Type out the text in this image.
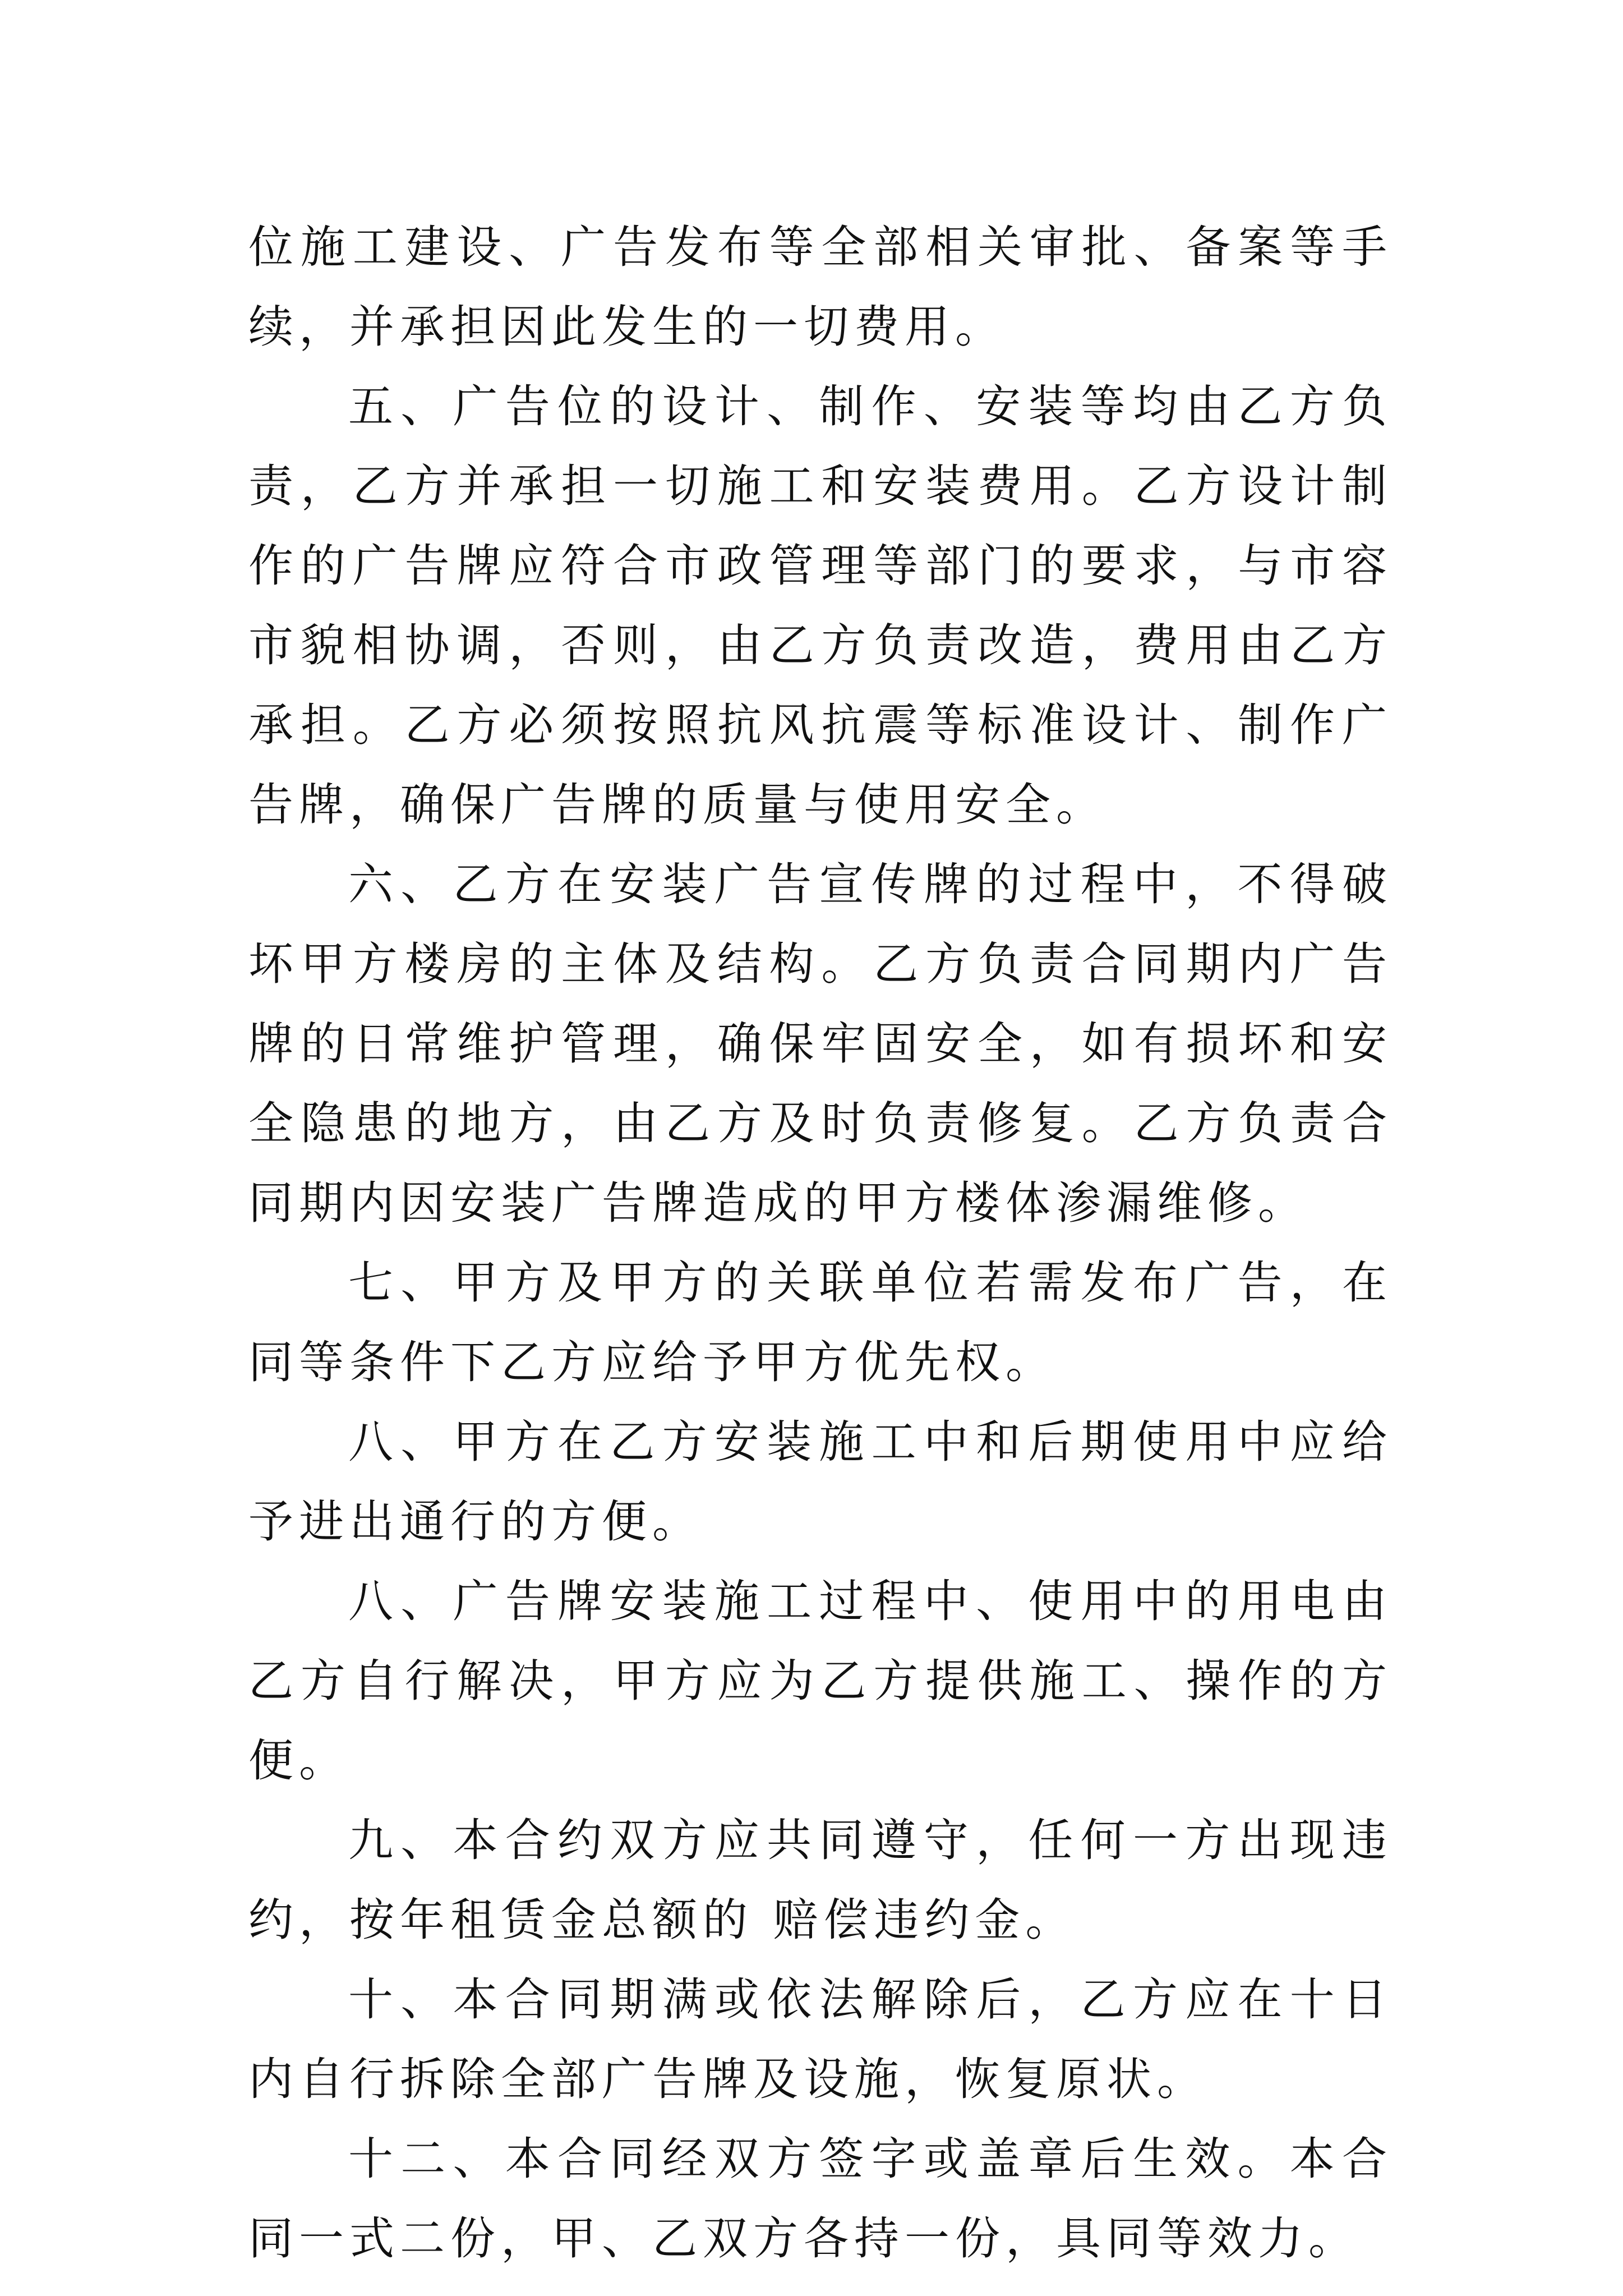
位施工建设、广告发布等全部相关审批、备案等手续，并承担因此发生的一切费用。

五、广告位的设计、制作、安装等均由乙方负责，乙方并承担一切施工和安装费用。乙方设计制作的广告牌应符合市政管理等部门的要求，与市容市貌相协调，否则，由乙方负责改造，费用由乙方承担。乙方必须按照抗风抗震等标准设计、制作广告牌，确保广告牌的质量与使用安全。

六、乙方在安装广告宣传牌的过程中，不得破坏甲方楼房的主体及结构。乙方负责合同期内广告牌的日常维护管理，确保牢固安全，如有损坏和安全隐患的地方，由乙方及时负责修复。乙方负责合同期内因安装广告牌造成的甲方楼体渗漏维修。

七、甲方及甲方的关联单位若需发布广告，在同等条件下乙方应给予甲方优先权。

八、甲方在乙方安装施工中和后期使用中应给予进出通行的方便。

八、广告牌安装施工过程中、使用中的用电由乙方自行解决，甲方应为乙方提供施工、操作的方便。

九、本合约双方应共同遵守，任何一方出现违约，按年租赁金总额的 赔偿违约金。

十、本合同期满或依法解除后，乙方应在十日内自行拆除全部广告牌及设施，恢复原状。

十二、本合同经双方签字或盖章后生效。本合同一式二份，甲、乙双方各持一份，具同等效力。
